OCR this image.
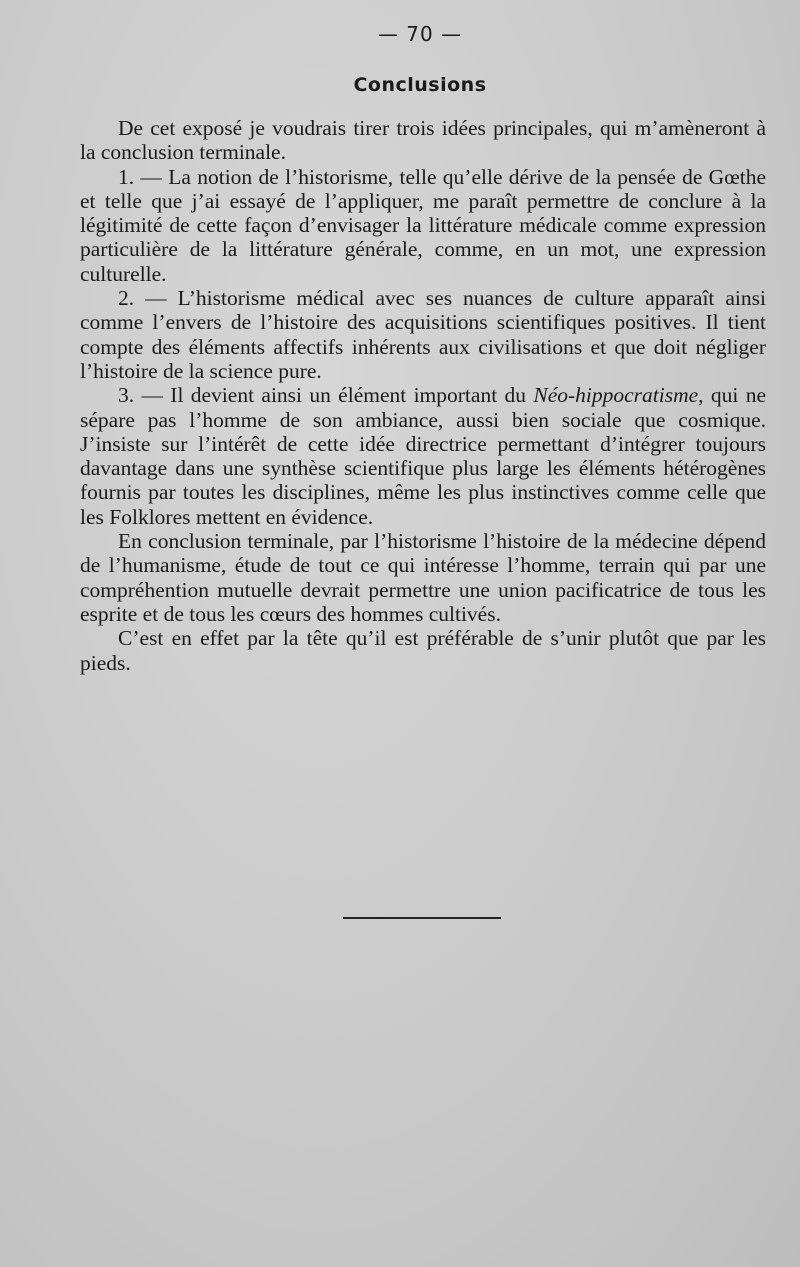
— 70 —

Conclusions

De cet exposé je voudrais tirer trois idées principales, qui m’amèneront à la conclusion terminale.

1. — La notion de l’historisme, telle qu’elle dérive de la pensée de Gœthe et telle que j’ai essayé de l’appliquer, me paraît permettre de conclure à la légitimité de cette façon d’envisager la littérature médicale comme expression particulière de la littérature générale, comme, en un mot, une expression culturelle.

2. — L’historisme médical avec ses nuances de culture apparaît ainsi comme l’envers de l’histoire des acquisitions scientifiques positives. Il tient compte des éléments affectifs inhérents aux civilisations et que doit négliger l’histoire de la science pure.

3. — Il devient ainsi un élément important du Néo-hippocratisme, qui ne sépare pas l’homme de son ambiance, aussi bien sociale que cosmique. J’insiste sur l’intérêt de cette idée directrice permettant d’intégrer toujours davantage dans une synthèse scientifique plus large les éléments hétérogènes fournis par toutes les disciplines, même les plus instinctives comme celle que les Folklores mettent en évidence.

En conclusion terminale, par l’historisme l’histoire de la médecine dépend de l’humanisme, étude de tout ce qui intéresse l’homme, terrain qui par une compréhention mutuelle devrait permettre une union pacificatrice de tous les esprite et de tous les cœurs des hommes cultivés.

C’est en effet par la tête qu’il est préférable de s’unir plutôt que par les pieds.
